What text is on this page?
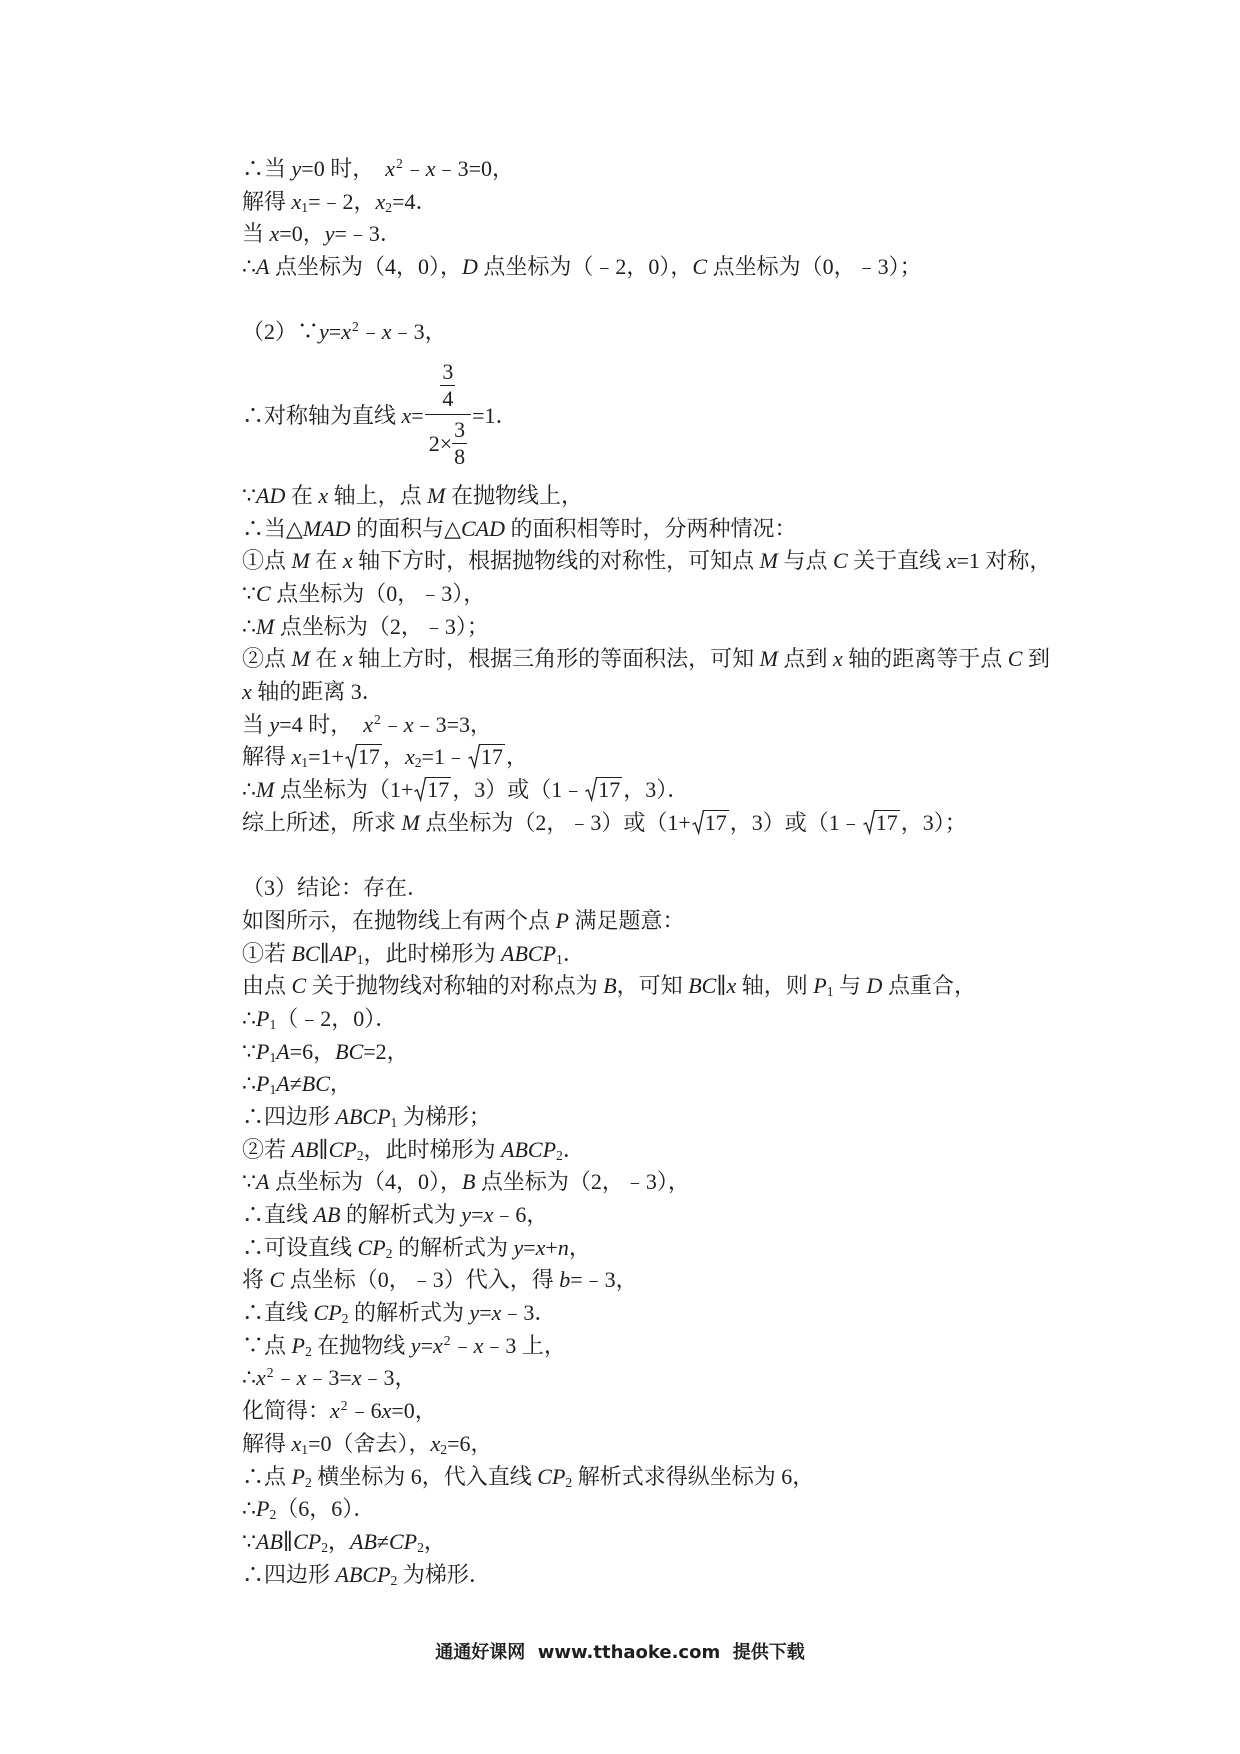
∴当 y=0 时，  $x^2﹣x﹣3=0$，
解得 $x_1=﹣2$，$x_2=4$．
当 x=0，y=﹣3．
∴A 点坐标为（4，0），D 点坐标为（﹣2，0），C 点坐标为（0，﹣3）；
$(2)\because y=x^2﹣x﹣3$，
∴对称轴为直线 x= 3
4
$2\times \frac{3}{8} =1$．
∵AD 在 x 轴上，点 M 在抛物线上，
∴当△MAD 的面积与△CAD 的面积相等时，分两种情况：
①点 M 在 x 轴下方时，根据抛物线的对称性，可知点 M 与点 C 关于直线 x=1 对称，
∵C 点坐标为（0，﹣3），
∴M 点坐标为（2，﹣3）；
②点 M 在 x 轴上方时，根据三角形的等面积法，可知 M 点到 x 轴的距离等于点 C 到
x 轴的距离 3．
当 y=4 时，  $x^2﹣x﹣3=3$，
解得 $x_1=1+ 17$ ，$x_2=1﹣$ 17 ，
∴M 点坐标为（1+ 17 ，3）或（1﹣ 17 ，3）．
综上所述，所求 M 点坐标为（2，﹣3）或（1+ 17 ，3）或（1﹣ 17 ，3）；
（3）结论：存在．
如图所示，在抛物线上有两个点 P 满足题意：
①若 $BC\parallel AP_1$，此时梯形为 $ABCP_1$．
由点 C 关于抛物线对称轴的对称点为 B，可知 BC∥x 轴，则 $P_1$ 与 D 点重合，
$\therefore P_1(﹣2$，0）．
$\because P_1A=6$，BC=2，
$\therefore P_1A\ne BC$，
∴四边形 $ABCP_1$ 为梯形；
②若 $AB\parallel CP_2$，此时梯形为 $ABCP_2$．
∵A 点坐标为（4，0），B 点坐标为（2，﹣3），
∴直线 AB 的解析式为 y=x﹣6，
∴可设直线 $CP_2$ 的解析式为 y=x+n，
将 C 点坐标（0，﹣3）代入，得 b=﹣3，
∴直线 $CP_2$ 的解析式为 y=x﹣3．
∵点 $P_2$ 在抛物线 $y=x^2﹣x﹣3$ 上，
$\therefore x^2﹣x﹣3=x﹣3$，
化简得：$x^2﹣6x=0$，
解得 $x_1=0$（舍去），$x_2=6$，
∴点 $P_2$ 横坐标为 6，代入直线 $CP_2$ 解析式求得纵坐标为 6，
$\therefore P_2(6$，6）．
$\because AB\parallel CP_2$，$AB\ne CP_2$，
∴四边形 $ABCP_2$ 为梯形．
通通好课网  www.tthaoke.com  提供下载
